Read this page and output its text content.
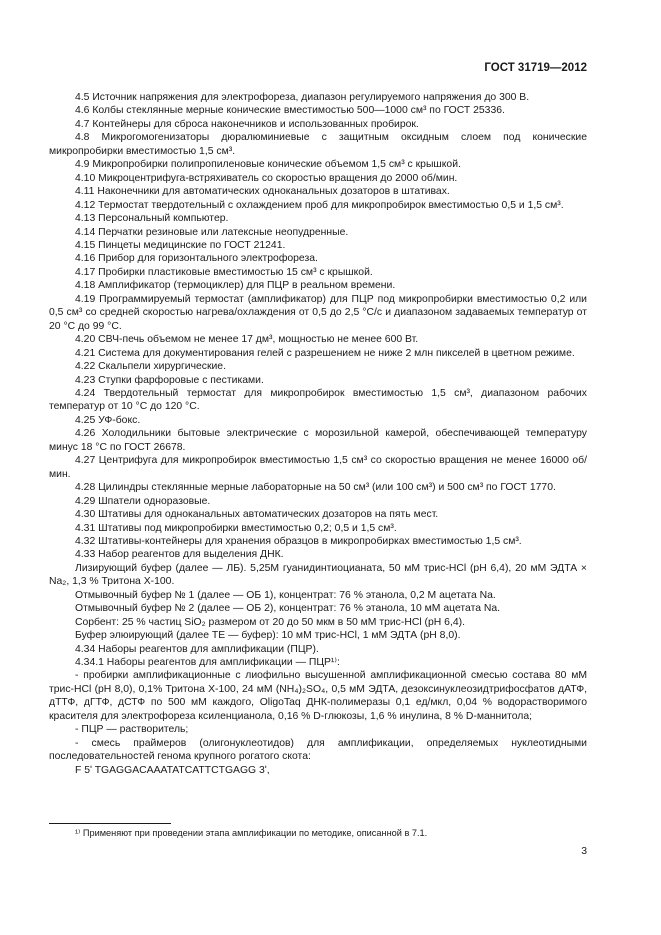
ГОСТ 31719—2012

4.5 Источник напряжения для электрофореза, диапазон регулируемого напряжения до 300 В.

4.6 Колбы стеклянные мерные конические вместимостью 500—1000 см³ по ГОСТ 25336.

4.7 Контейнеры для сброса наконечников и использованных пробирок.

4.8 Микрогомогенизаторы дюралюминиевые с защитным оксидным слоем под конические микропробирки вместимостью 1,5 см³.

4.9 Микропробирки полипропиленовые конические объемом 1,5 см³ с крышкой.

4.10 Микроцентрифуга-встряхиватель со скоростью вращения до 2000 об/мин.

4.11 Наконечники для автоматических одноканальных дозаторов в штативах.

4.12 Термостат твердотельный с охлаждением проб для микропробирок вместимостью 0,5 и 1,5 см³.

4.13 Персональный компьютер.

4.14 Перчатки резиновые или латексные неопудренные.

4.15 Пинцеты медицинские по ГОСТ 21241.

4.16 Прибор для горизонтального электрофореза.

4.17 Пробирки пластиковые вместимостью 15 см³ с крышкой.

4.18 Амплификатор (термоциклер) для ПЦР в реальном времени.

4.19 Программируемый термостат (амплификатор) для ПЦР под микропробирки вместимостью 0,2 или 0,5 см³ со средней скоростью нагрева/охлаждения от 0,5 до 2,5 °С/с и диапазоном задаваемых температур от 20 °С до 99 °С.

4.20 СВЧ-печь объемом не менее 17 дм³, мощностью не менее 600 Вт.

4.21 Система для документирования гелей с разрешением не ниже 2 млн пикселей в цветном режиме.

4.22 Скальпели хирургические.

4.23 Ступки фарфоровые с пестиками.

4.24 Твердотельный термостат для микропробирок вместимостью 1,5 см³, диапазоном рабочих температур от 10 °С до 120 °С.

4.25 УФ-бокс.

4.26 Холодильники бытовые электрические с морозильной камерой, обеспечивающей температуру минус 18 °С по ГОСТ 26678.

4.27 Центрифуга для микропробирок вместимостью 1,5 см³ со скоростью вращения не менее 16000 об/мин.

4.28 Цилиндры стеклянные мерные лабораторные на 50 см³ (или 100 см³) и 500 см³ по ГОСТ 1770.

4.29 Шпатели одноразовые.

4.30 Штативы для одноканальных автоматических дозаторов на пять мест.

4.31 Штативы под микропробирки вместимостью 0,2; 0,5 и 1,5 см³.

4.32 Штативы-контейнеры для хранения образцов в микропробирках вместимостью 1,5 см³.

4.33 Набор реагентов для выделения ДНК.

Лизирующий буфер (далее — ЛБ). 5,25М гуанидинтиоцианата, 50 мМ трис-HCl (pH 6,4), 20 мМ ЭДТА × Na₂, 1,3 % Тритона X-100.

Отмывочный буфер № 1 (далее — ОБ 1), концентрат: 76 % этанола, 0,2 М ацетата Na.

Отмывочный буфер № 2 (далее — ОБ 2), концентрат: 76 % этанола, 10 мМ ацетата Na.

Сорбент: 25 % частиц SiO₂ размером от 20 до 50 мкм в 50 мМ трис-HCl (pH 6,4).

Буфер элюирующий (далее ТЕ — буфер): 10 мМ трис-HCl, 1 мМ ЭДТА (pH 8,0).

4.34 Наборы реагентов для амплификации (ПЦР).

4.34.1 Наборы реагентов для амплификации — ПЦР¹⁾:

- пробирки амплификационные с лиофильно высушенной амплификационной смесью состава 80 мМ трис-HCl (pH 8,0), 0,1% Тритона X-100, 24 мМ (NH₄)₂SO₄, 0,5 мМ ЭДТА, дезоксинуклеозидтрифосфатов дАТФ, дТТФ, дГТФ, дСТФ по 500 мМ каждого, OligoTaq ДНК-полимеразы 0,1 ед/мкл, 0,04 % водорастворимого красителя для электрофореза ксиленцианола, 0,16 % D-глюкозы, 1,6 % инулина, 8 % D-маннитола;

- ПЦР — растворитель;

- смесь праймеров (олигонуклеотидов) для амплификации, определяемых нуклеотидными последовательностей генома крупного рогатого скота:

F 5ʹ TGAGGACAAATATCATTCTGAGG 3ʹ,

¹⁾ Применяют при проведении этапа амплификации по методике, описанной в 7.1.
3
